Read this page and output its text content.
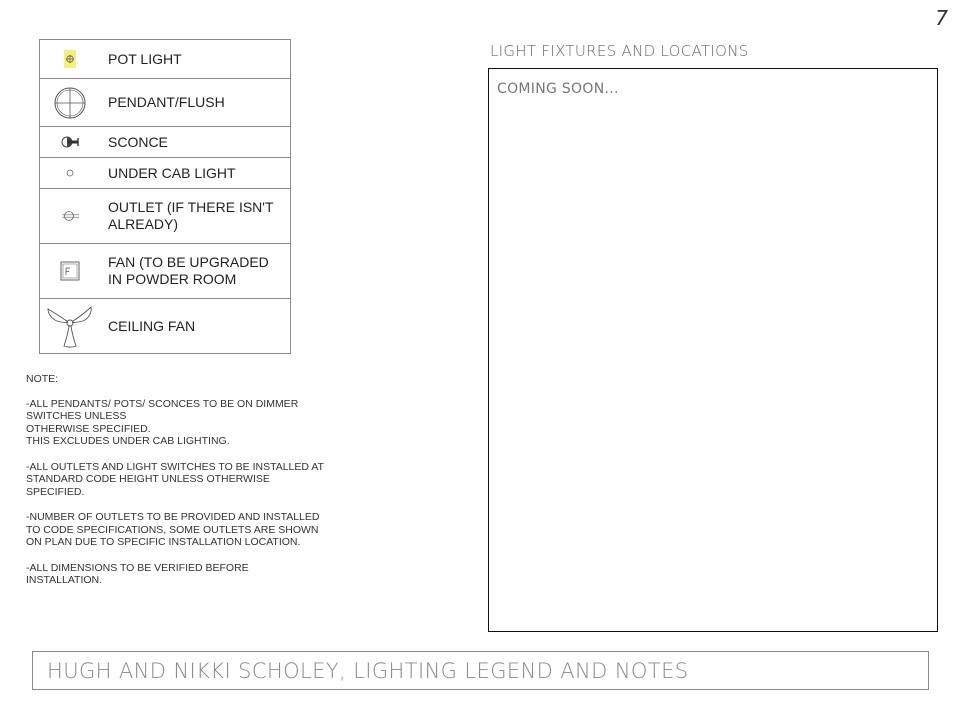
7
POT LIGHT
PENDANT/FLUSH
SCONCE
UNDER CAB LIGHT
OUTLET (IF THERE ISN'T
ALREADY)
FAN (TO BE UPGRADED
IN POWDER ROOM
CEILING FAN

NOTE:

-ALL PENDANTS/ POTS/ SCONCES TO BE ON DIMMER
SWITCHES UNLESS
OTHERWISE SPECIFIED.
THIS EXCLUDES UNDER CAB LIGHTING.

-ALL OUTLETS AND LIGHT SWITCHES TO BE INSTALLED AT
STANDARD CODE HEIGHT UNLESS OTHERWISE SPECIFIED.

-NUMBER OF OUTLETS TO BE PROVIDED AND INSTALLED
TO CODE SPECIFICATIONS, SOME OUTLETS ARE SHOWN
ON PLAN DUE TO SPECIFIC INSTALLATION LOCATION.

-ALL DIMENSIONS TO BE VERIFIED BEFORE
INSTALLATION.

LIGHT FIXTURES AND LOCATIONS
COMING SOON...
HUGH AND NIKKI SCHOLEY, LIGHTING LEGEND AND NOTES
